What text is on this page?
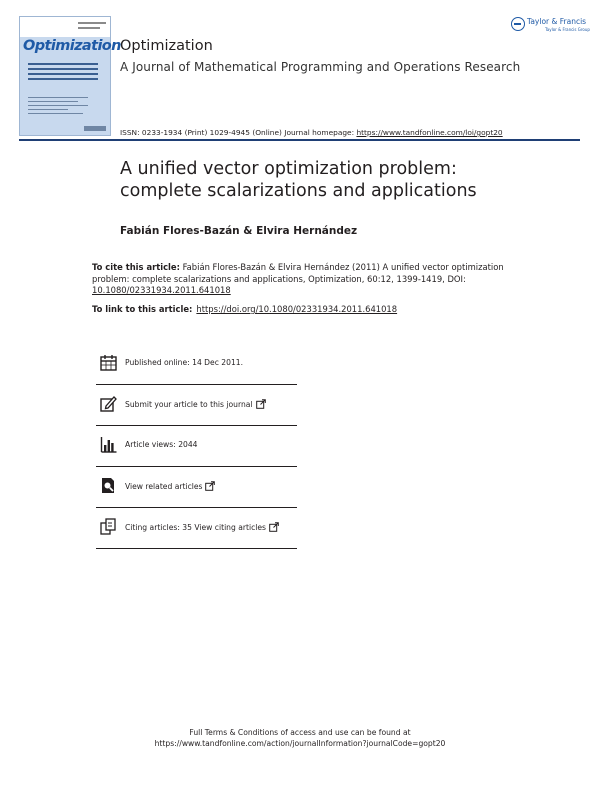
Optimization Optimization
A Journal of Mathematical Programming and Operations Research
Taylor & Francis
Taylor & Francis Group
ISSN: 0233-1934 (Print) 1029-4945 (Online) Journal homepage: https://www.tandfonline.com/loi/gopt20
A unified vector optimization problem: complete scalarizations and applications
Fabián Flores-Bazán & Elvira Hernández
To cite this article: Fabián Flores-Bazán & Elvira Hernández (2011) A unified vector optimization problem: complete scalarizations and applications, Optimization, 60:12, 1399-1419, DOI: 10.1080/02331934.2011.641018
To link to this article: https://doi.org/10.1080/02331934.2011.641018
Published online: 14 Dec 2011.
Submit your article to this journal
Article views: 2044
View related articles
Citing articles: 35 View citing articles
Full Terms & Conditions of access and use can be found at
https://www.tandfonline.com/action/journalInformation?journalCode=gopt20
